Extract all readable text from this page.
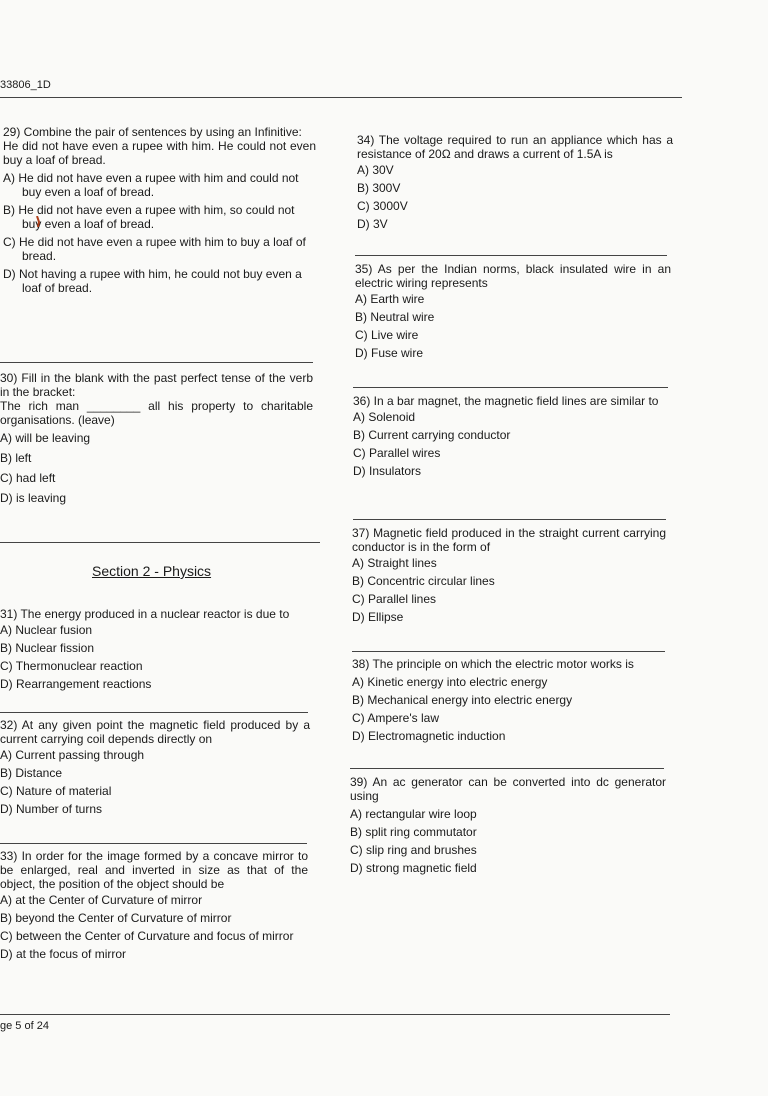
33806_1D
29) Combine the pair of sentences by using an Infinitive:
He did not have even a rupee with him. He could not even buy a loaf of bread.
A) He did not have even a rupee with him and could not buy even a loaf of bread.
B) He did not have even a rupee with him, so could not buy even a loaf of bread.
C) He did not have even a rupee with him to buy a loaf of bread.
D) Not having a rupee with him, he could not buy even a loaf of bread.
30) Fill in the blank with the past perfect tense of the verb in the bracket:
The rich man ________ all his property to charitable organisations. (leave)
A) will be leaving
B) left
C) had left
D) is leaving
Section 2 - Physics
31) The energy produced in a nuclear reactor is due to
A) Nuclear fusion
B) Nuclear fission
C) Thermonuclear reaction
D) Rearrangement reactions
32) At any given point the magnetic field produced by a current carrying coil depends directly on
A) Current passing through
B) Distance
C) Nature of material
D) Number of turns
33) In order for the image formed by a concave mirror to be enlarged, real and inverted in size as that of the object, the position of the object should be
A) at the Center of Curvature of mirror
B) beyond the Center of Curvature of mirror
C) between the Center of Curvature and focus of mirror
D) at the focus of mirror
34) The voltage required to run an appliance which has a resistance of 20Ω and draws a current of 1.5A is
A) 30V
B) 300V
C) 3000V
D) 3V
35) As per the Indian norms, black insulated wire in an electric wiring represents
A) Earth wire
B) Neutral wire
C) Live wire
D) Fuse wire
36) In a bar magnet, the magnetic field lines are similar to
A) Solenoid
B) Current carrying conductor
C) Parallel wires
D) Insulators
37) Magnetic field produced in the straight current carrying conductor is in the form of
A) Straight lines
B) Concentric circular lines
C) Parallel lines
D) Ellipse
38) The principle on which the electric motor works is
A) Kinetic energy into electric energy
B) Mechanical energy into electric energy
C) Ampere's law
D) Electromagnetic induction
39) An ac generator can be converted into dc generator using
A) rectangular wire loop
B) split ring commutator
C) slip ring and brushes
D) strong magnetic field
ge 5 of 24
